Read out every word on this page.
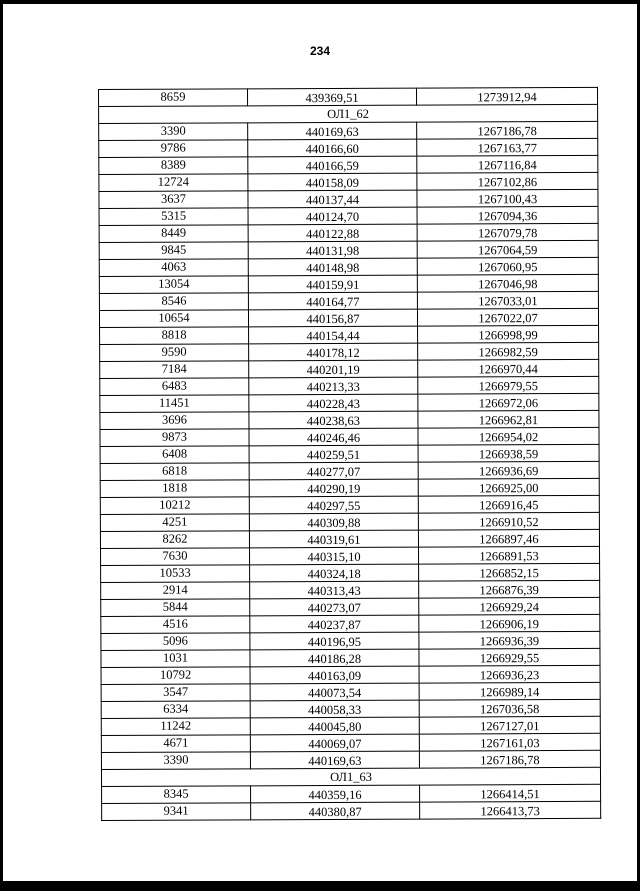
234
8659	439369,51	1273912,94
ОЛ1_62		
3390	440169,63	1267186,78
9786	440166,60	1267163,77
8389	440166,59	1267116,84
12724	440158,09	1267102,86
3637	440137,44	1267100,43
5315	440124,70	1267094,36
8449	440122,88	1267079,78
9845	440131,98	1267064,59
4063	440148,98	1267060,95
13054	440159,91	1267046,98
8546	440164,77	1267033,01
10654	440156,87	1267022,07
8818	440154,44	1266998,99
9590	440178,12	1266982,59
7184	440201,19	1266970,44
6483	440213,33	1266979,55
11451	440228,43	1266972,06
3696	440238,63	1266962,81
9873	440246,46	1266954,02
6408	440259,51	1266938,59
6818	440277,07	1266936,69
1818	440290,19	1266925,00
10212	440297,55	1266916,45
4251	440309,88	1266910,52
8262	440319,61	1266897,46
7630	440315,10	1266891,53
10533	440324,18	1266852,15
2914	440313,43	1266876,39
5844	440273,07	1266929,24
4516	440237,87	1266906,19
5096	440196,95	1266936,39
1031	440186,28	1266929,55
10792	440163,09	1266936,23
3547	440073,54	1266989,14
6334	440058,33	1267036,58
11242	440045,80	1267127,01
4671	440069,07	1267161,03
3390	440169,63	1267186,78
ОЛ1_63		
8345	440359,16	1266414,51
9341	440380,87	1266413,73
